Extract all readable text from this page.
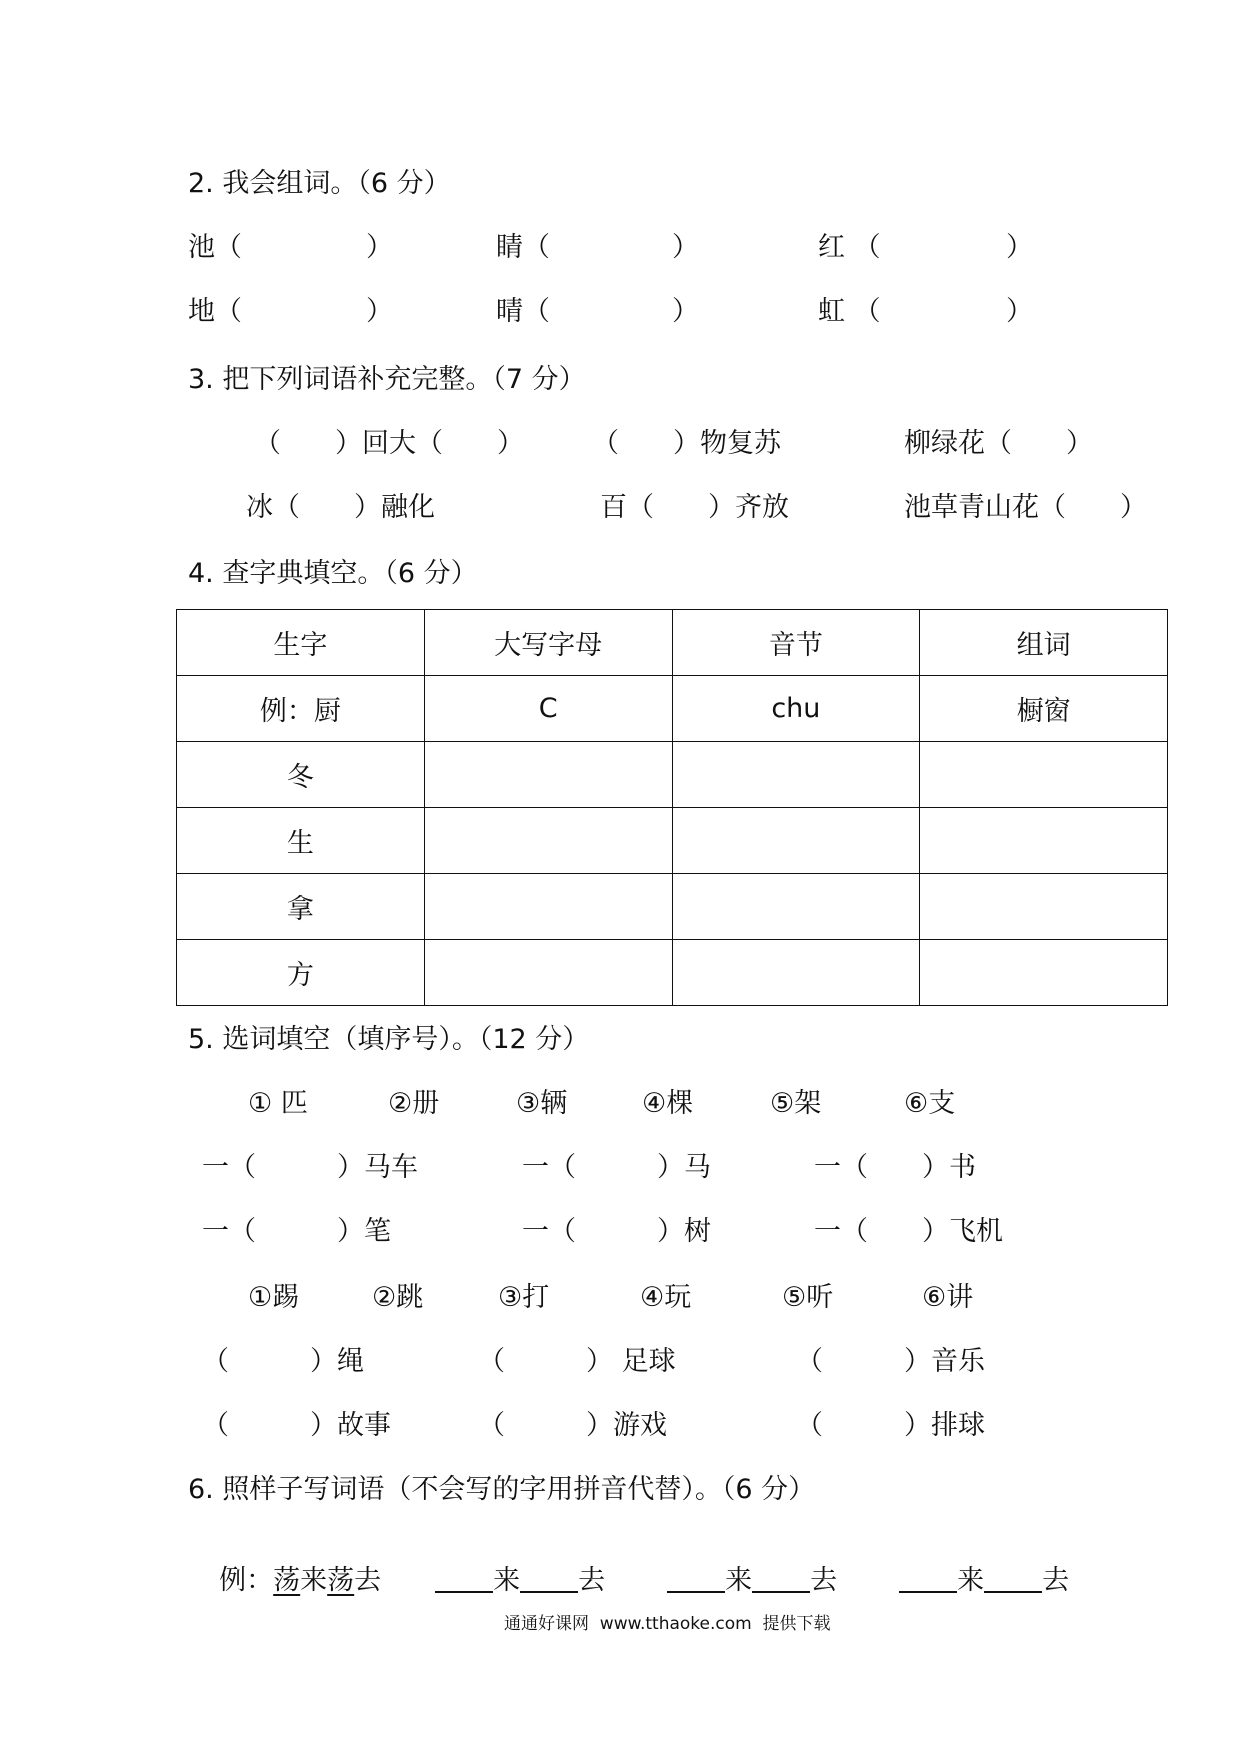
2. 我会组词。（6 分）
池（	）	睛（	）	红 （	）
地（	）	晴（	）	虹 （	）
3. 把下列词语补充完整。（7 分）
（　　）回大（　　）	（　　）物复苏	柳绿花（　　）
冰（　　）融化	百（　　）齐放	池草青山花（　　）
4. 查字典填空。（6 分）
生字	大写字母	音节	组词
例：厨	C	chu	橱窗
冬			
生			
拿			
方			
5. 选词填空（填序号）。（12 分）
① 匹	②册	③辆	④棵	⑤架	⑥支
一（　　　）马车	一（　　　）马	一（　　）书
一（　　　）笔	一（　　　）树	一（　　）飞机
①踢	②跳	③打	④玩	⑤听	⑥讲
（　　　）绳	（　　　） 足球	（　　　）音乐
（　　　）故事	（　　　）游戏	（　　　）排球
6. 照样子写词语（不会写的字用拼音代替）。（6 分）

例：荡来荡去	来 去	来 去	来 去

通通好课网  www.tthaoke.com  提供下载
